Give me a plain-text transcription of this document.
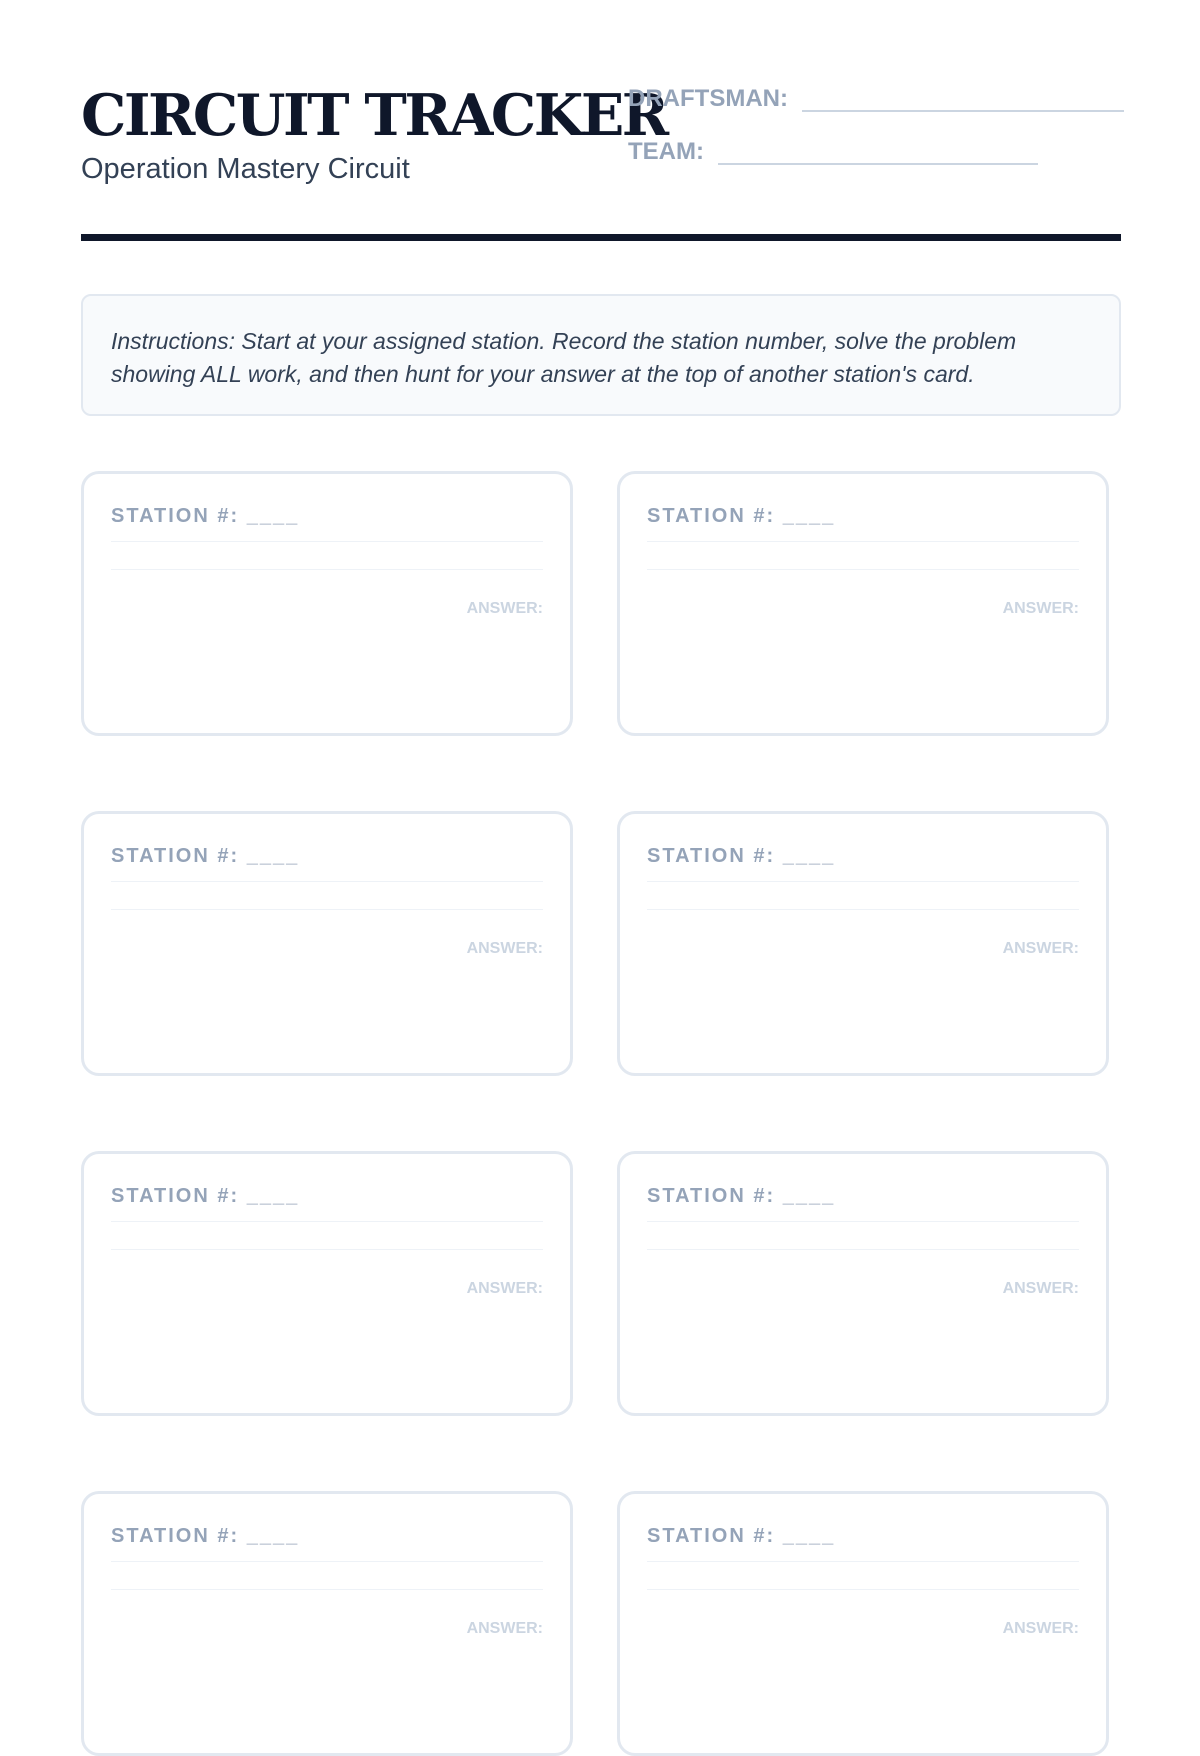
CIRCUIT TRACKER
Operation Mastery Circuit
DRAFTSMAN:
TEAM:
Instructions: Start at your assigned station. Record the station number, solve the problem showing ALL work, and then hunt for your answer at the top of another station's card.
STATION #: ____
ANSWER:
STATION #: ____
ANSWER:
STATION #: ____
ANSWER:
STATION #: ____
ANSWER:
STATION #: ____
ANSWER:
STATION #: ____
ANSWER:
STATION #: ____
ANSWER:
STATION #: ____
ANSWER:
